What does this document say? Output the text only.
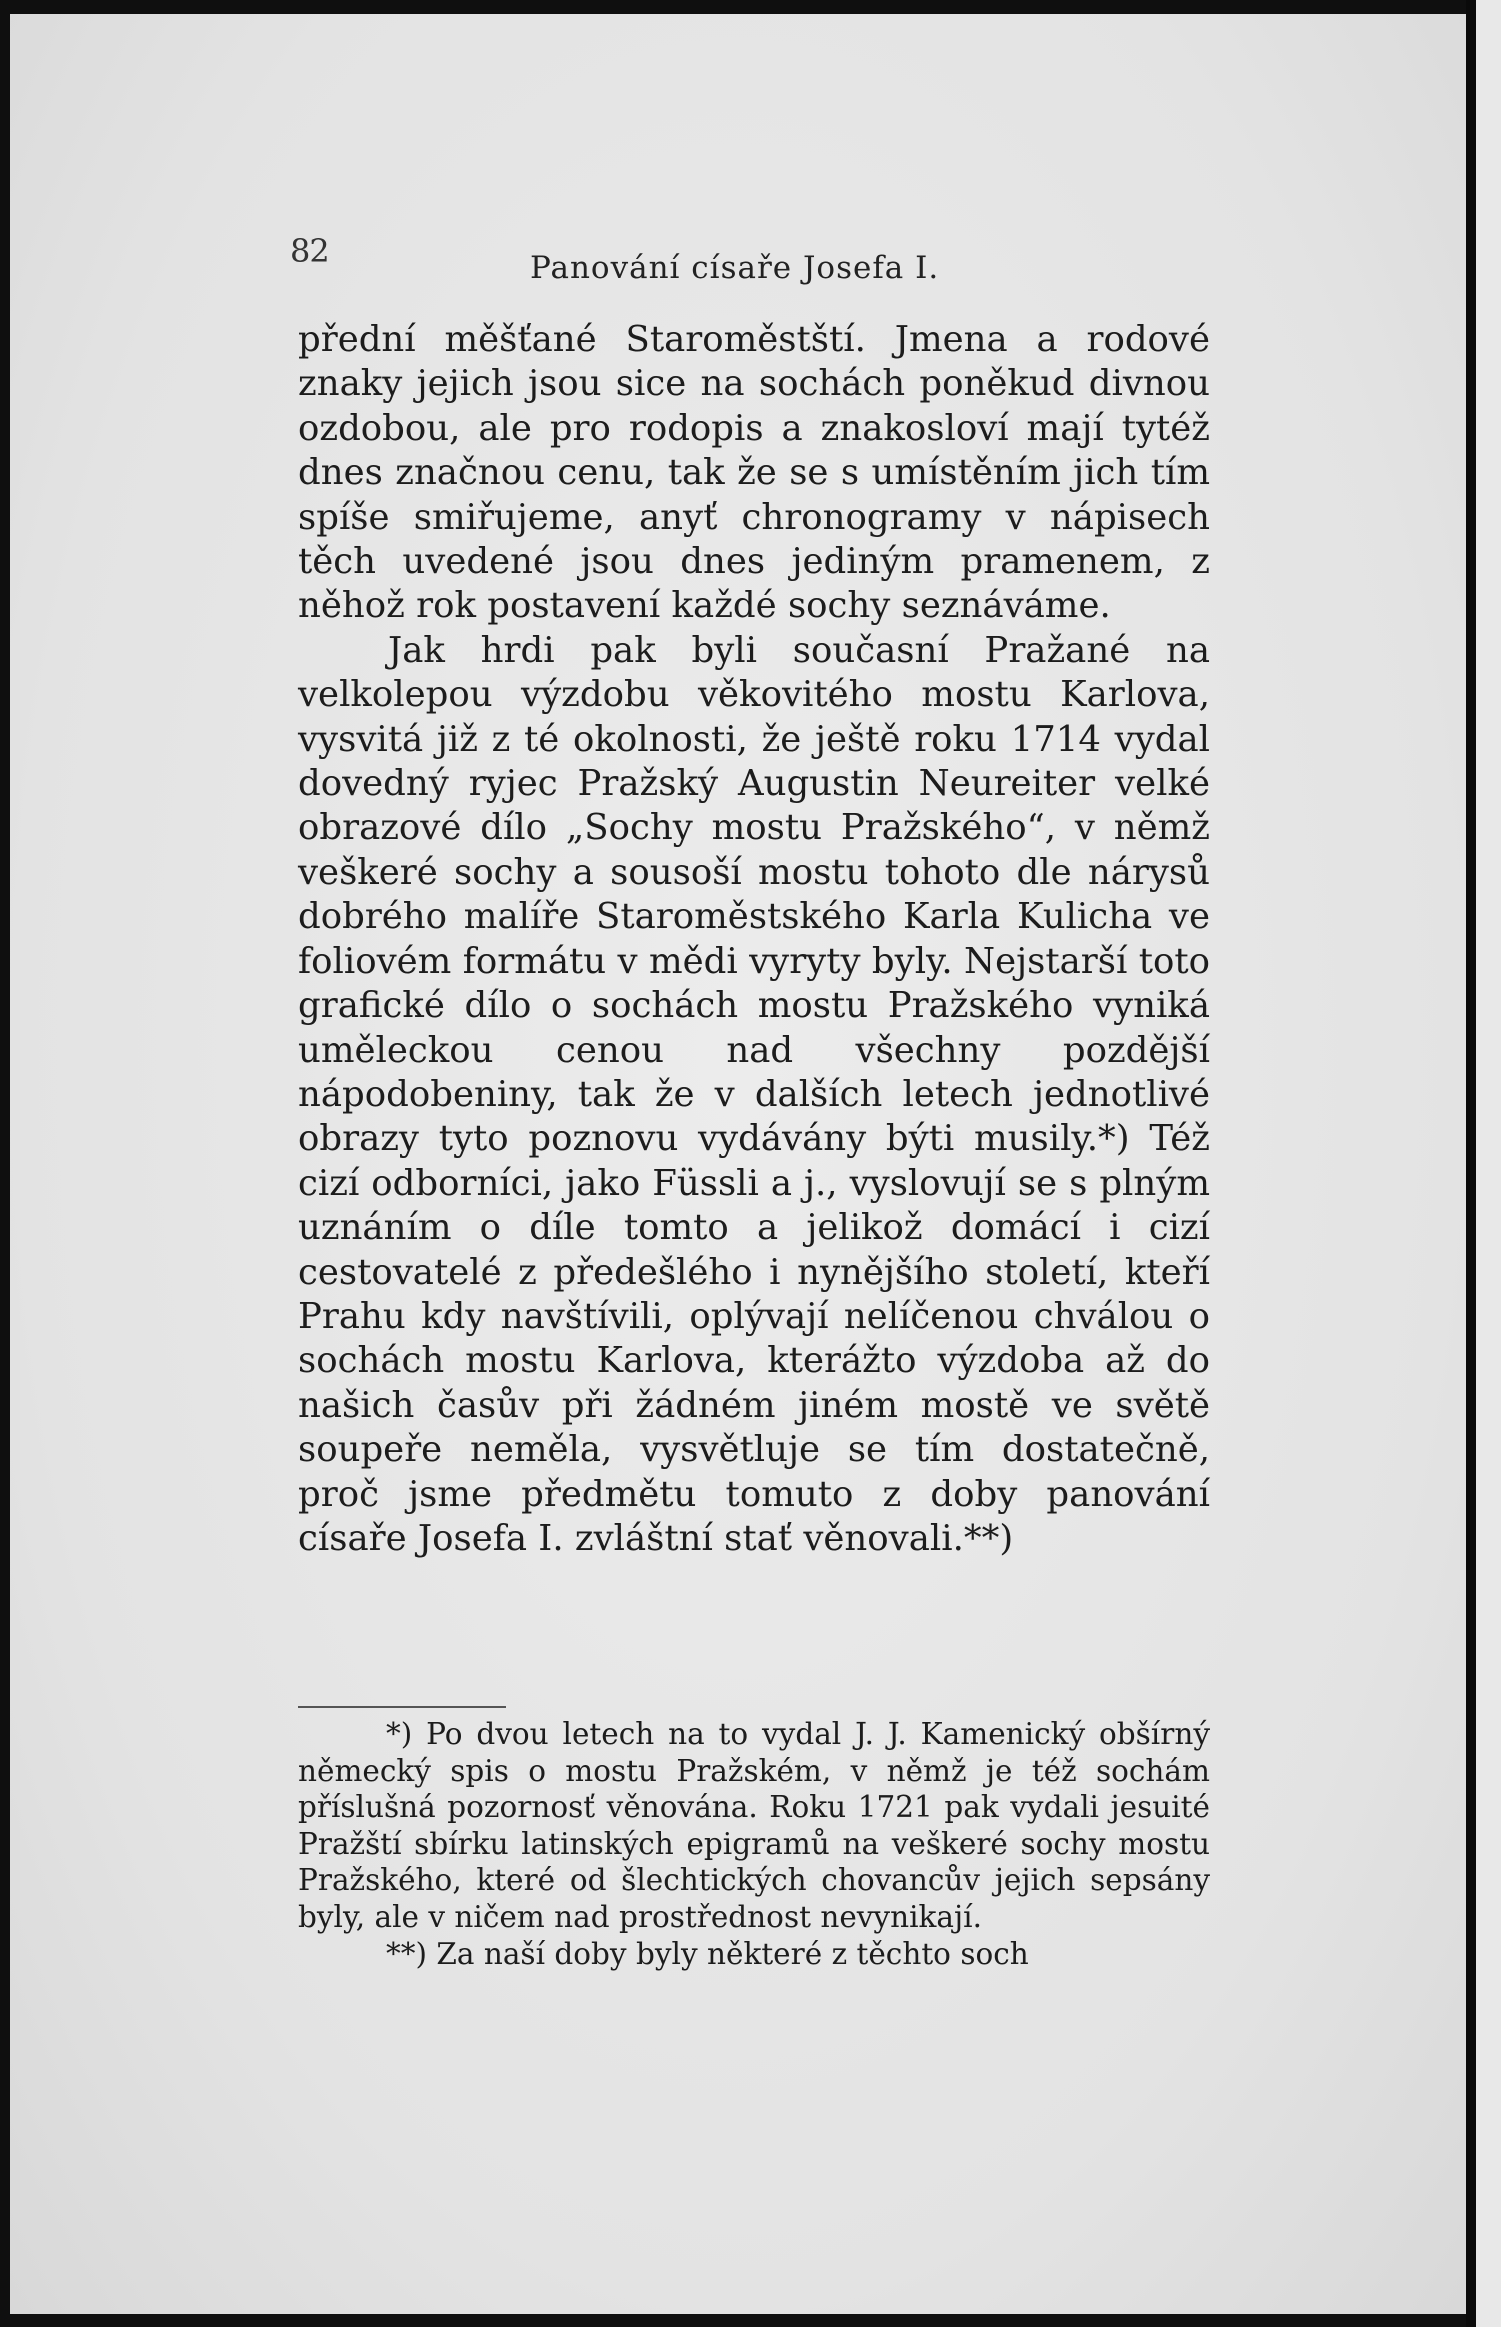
82	Panování císaře Josefa I.

přední měšťané Staroměstští. Jmena a rodové znaky jejich jsou sice na sochách poněkud divnou ozdobou, ale pro rodopis a znakosloví mají tytéž dnes značnou cenu, tak že se s umístěním jich tím spíše smiřujeme, anyť chronogramy v nápisech těch uvedené jsou dnes jediným pramenem, z něhož rok postavení každé sochy seznáváme.

Jak hrdi pak byli současní Pražané na velkolepou výzdobu věkovitého mostu Karlova, vysvitá již z té okolnosti, že ještě roku 1714 vydal dovedný ryjec Pražský Augustin Neureiter velké obrazové dílo „Sochy mostu Pražského“, v němž veškeré sochy a sousoší mostu tohoto dle nárysů dobrého malíře Staroměstského Karla Kulicha ve foliovém formátu v mědi vyryty byly. Nejstarší toto grafické dílo o sochách mostu Pražského vyniká uměleckou cenou nad všechny pozdější nápodobeniny, tak že v dalších letech jednotlivé obrazy tyto poznovu vydávány býti musily.*) Též cizí odborníci, jako Füssli a j., vyslovují se s plným uznáním o díle tomto a jelikož domácí i cizí cestovatelé z předešlého i nynějšího století, kteří Prahu kdy navštívili, oplývají nelíčenou chválou o sochách mostu Karlova, kterážto výzdoba až do našich časův při žádném jiném mostě ve světě soupeře neměla, vysvětluje se tím dostatečně, proč jsme předmětu tomuto z doby panování císaře Josefa I. zvláštní stať věnovali.**)

*) Po dvou letech na to vydal J. J. Kamenický obšírný německý spis o mostu Pražském, v němž je též sochám příslušná pozornosť věnována. Roku 1721 pak vydali jesuité Pražští sbírku latinských epigramů na veškeré sochy mostu Pražského, které od šlechtických chovancův jejich sepsány byly, ale v ničem nad prostřednost nevynikají.

**) Za naší doby byly některé z těchto soch
